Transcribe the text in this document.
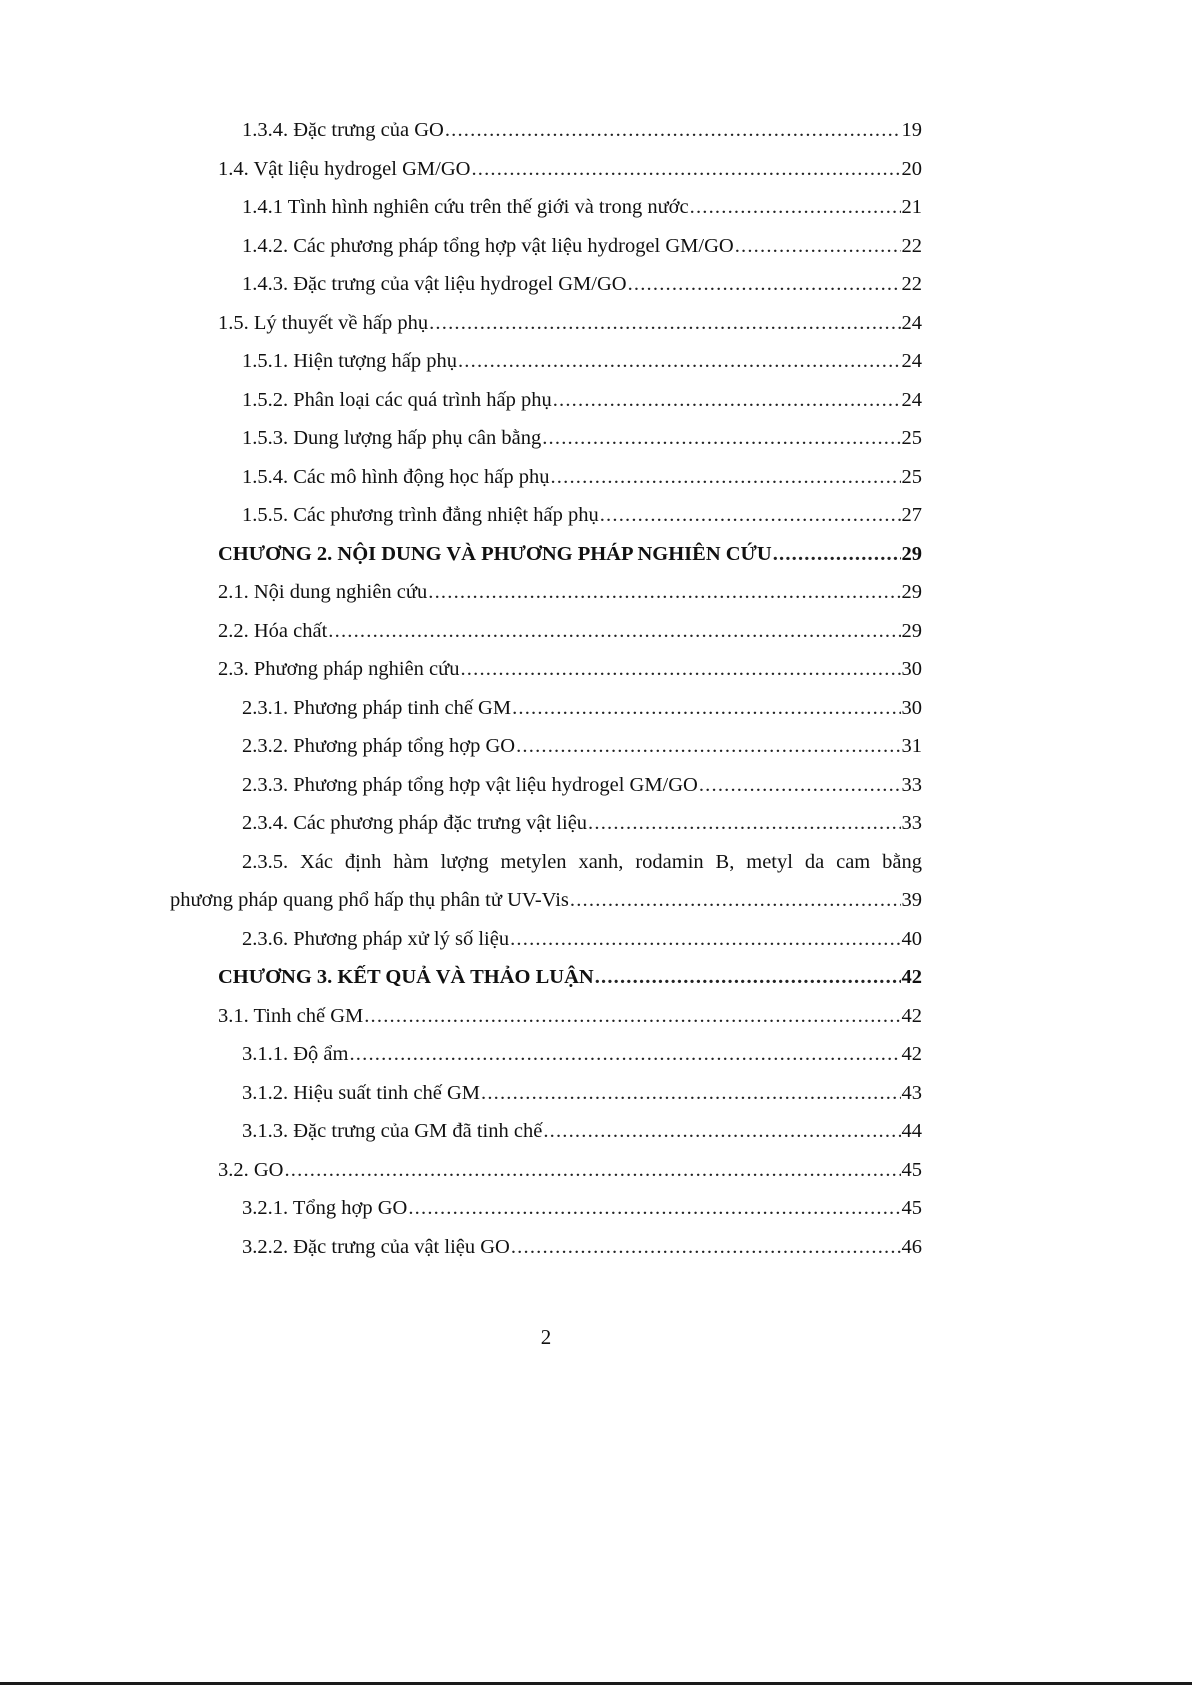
1.3.4. Đặc trưng của GO .....	19
1.4. Vật liệu hydrogel GM/GO .....	20
1.4.1 Tình hình nghiên cứu trên thế giới và trong nước .....	21
1.4.2. Các phương pháp tổng hợp vật liệu hydrogel GM/GO .....	22
1.4.3. Đặc trưng của vật liệu hydrogel GM/GO .....	22
1.5. Lý thuyết về hấp phụ .....	24
1.5.1. Hiện tượng hấp phụ .....	24
1.5.2. Phân loại các quá trình hấp phụ .....	24
1.5.3. Dung lượng hấp phụ cân bằng .....	25
1.5.4. Các mô hình động học hấp phụ .....	25
1.5.5. Các phương trình đẳng nhiệt hấp phụ .....	27
CHƯƠNG 2. NỘI DUNG VÀ PHƯƠNG PHÁP NGHIÊN CỨU .....	29
2.1. Nội dung nghiên cứu .....	29
2.2. Hóa chất .....	29
2.3. Phương pháp nghiên cứu .....	30
2.3.1. Phương pháp tinh chế GM .....	30
2.3.2. Phương pháp tổng hợp GO .....	31
2.3.3. Phương pháp tổng hợp vật liệu hydrogel GM/GO .....	33
2.3.4. Các phương pháp đặc trưng vật liệu .....	33
2.3.5. Xác định hàm lượng metylen xanh, rodamin B, metyl da cam bằng
phương pháp quang phổ hấp thụ phân tử UV-Vis .....	39
2.3.6. Phương pháp xử lý số liệu .....	40
CHƯƠNG 3. KẾT QUẢ VÀ THẢO LUẬN .....	42
3.1. Tinh chế GM .....	42
3.1.1. Độ ẩm .....	42
3.1.2. Hiệu suất tinh chế GM .....	43
3.1.3. Đặc trưng của GM đã tinh chế .....	44
3.2. GO .....	45
3.2.1. Tổng hợp GO .....	45
3.2.2. Đặc trưng của vật liệu GO .....	46
2
